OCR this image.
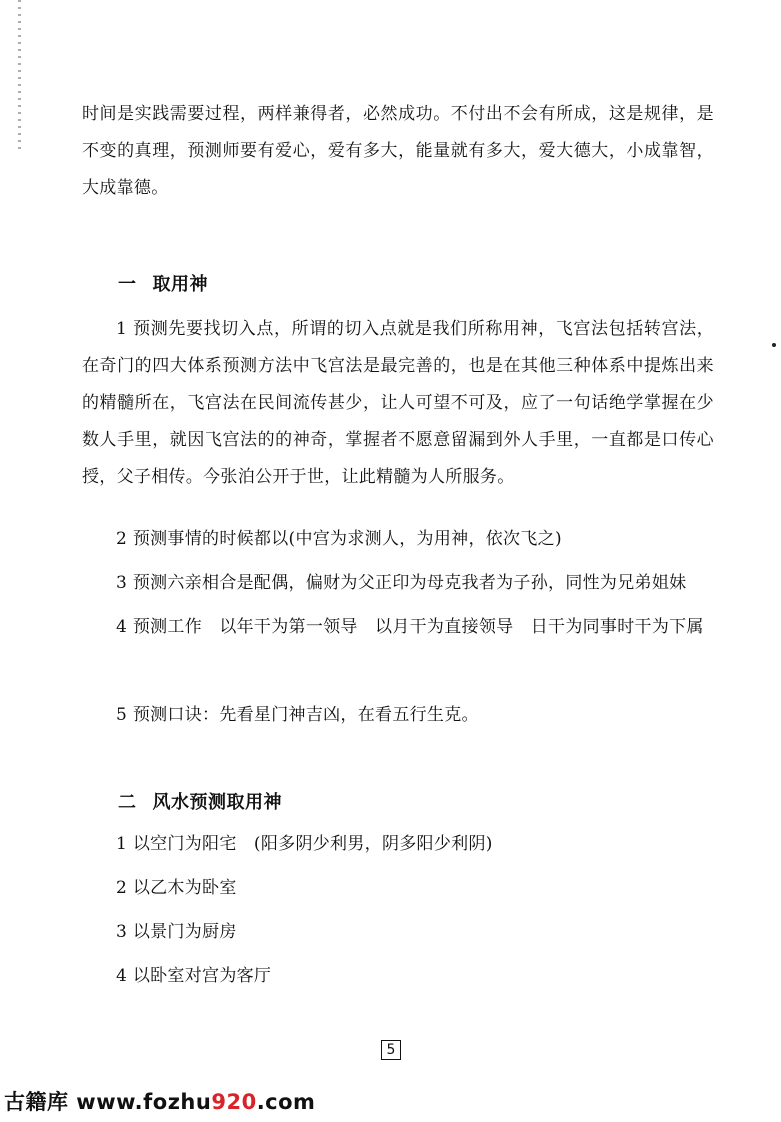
时间是实践需要过程，两样兼得者，必然成功。不付出不会有所成，这是规律，是不变的真理，预测师要有爱心，爱有多大，能量就有多大，爱大德大，小成靠智，大成靠德。

一 取用神

1 预测先要找切入点，所谓的切入点就是我们所称用神，飞宫法包括转宫法，在奇门的四大体系预测方法中飞宫法是最完善的，也是在其他三种体系中提炼出来的精髓所在，飞宫法在民间流传甚少，让人可望不可及，应了一句话绝学掌握在少数人手里，就因飞宫法的的神奇，掌握者不愿意留漏到外人手里，一直都是口传心授，父子相传。今张泊公开于世，让此精髓为人所服务。

2 预测事情的时候都以(中宫为求测人，为用神，依次飞之)

3 预测六亲相合是配偶，偏财为父正印为母克我者为子孙，同性为兄弟姐妹

4 预测工作　以年干为第一领导　以月干为直接领导　日干为同事时干为下属

5 预测口诀：先看星门神吉凶，在看五行生克。

二 风水预测取用神

1 以空门为阳宅　(阳多阴少利男，阴多阳少利阴)

2 以乙木为卧室

3 以景门为厨房

4 以卧室对宫为客厅

5
古籍库 www.fozhu920.com
